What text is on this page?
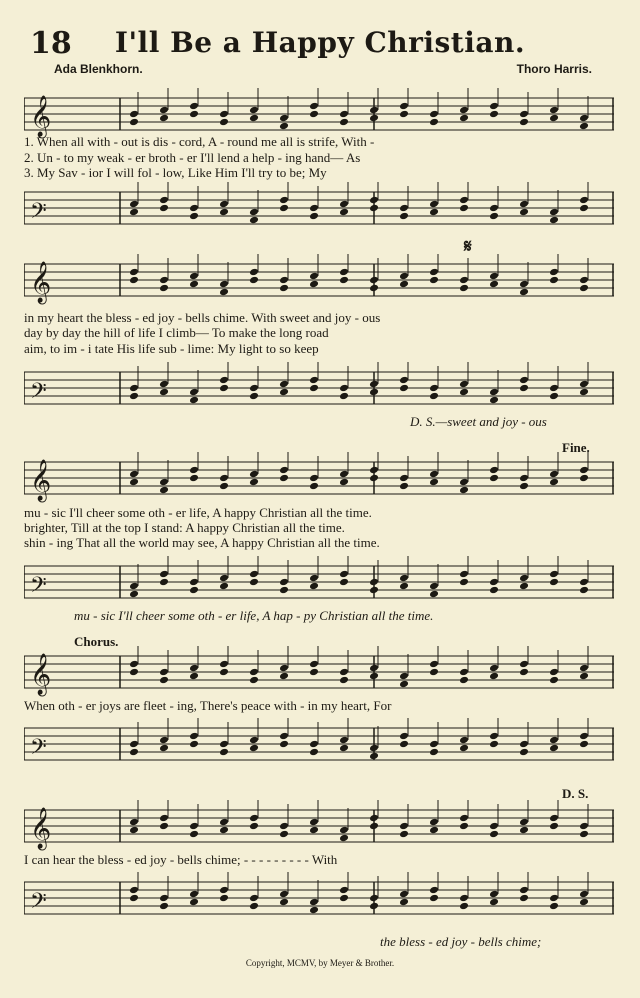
18	I'll Be a Happy Christian.
Ada Blenkhorn.	Thoro Harris.
𝄞
1. When all with - out is dis - cord, A - round me all is strife, With -
2. Un - to my weak - er broth - er I'll lend a help - ing hand— As
3. My Sav - ior I will fol - low, Like Him I'll try to be; My
𝄢
𝄋
𝄞
in my heart the bless - ed joy - bells chime. With sweet and joy - ous
day by day the hill of life I climb— To make the long road
aim, to im - i tate His life sub - lime: My light to so keep
𝄢
D. S.—sweet and joy - ous
Fine.
𝄞
mu - sic I'll cheer some oth - er life, A happy Christian all the time.
brighter, Till at the top I stand: A happy Christian all the time.
shin - ing That all the world may see, A happy Christian all the time.
𝄢
mu - sic I'll cheer some oth - er life, A hap - py Christian all the time.
Chorus.
𝄞
When oth - er joys are fleet - ing, There's peace with - in my heart, For
𝄢
D. S.
𝄞
I can hear the bless - ed joy - bells chime; - - - - - - - - - With
𝄢
the bless - ed joy - bells chime;
Copyright, MCMV, by Meyer & Brother.
